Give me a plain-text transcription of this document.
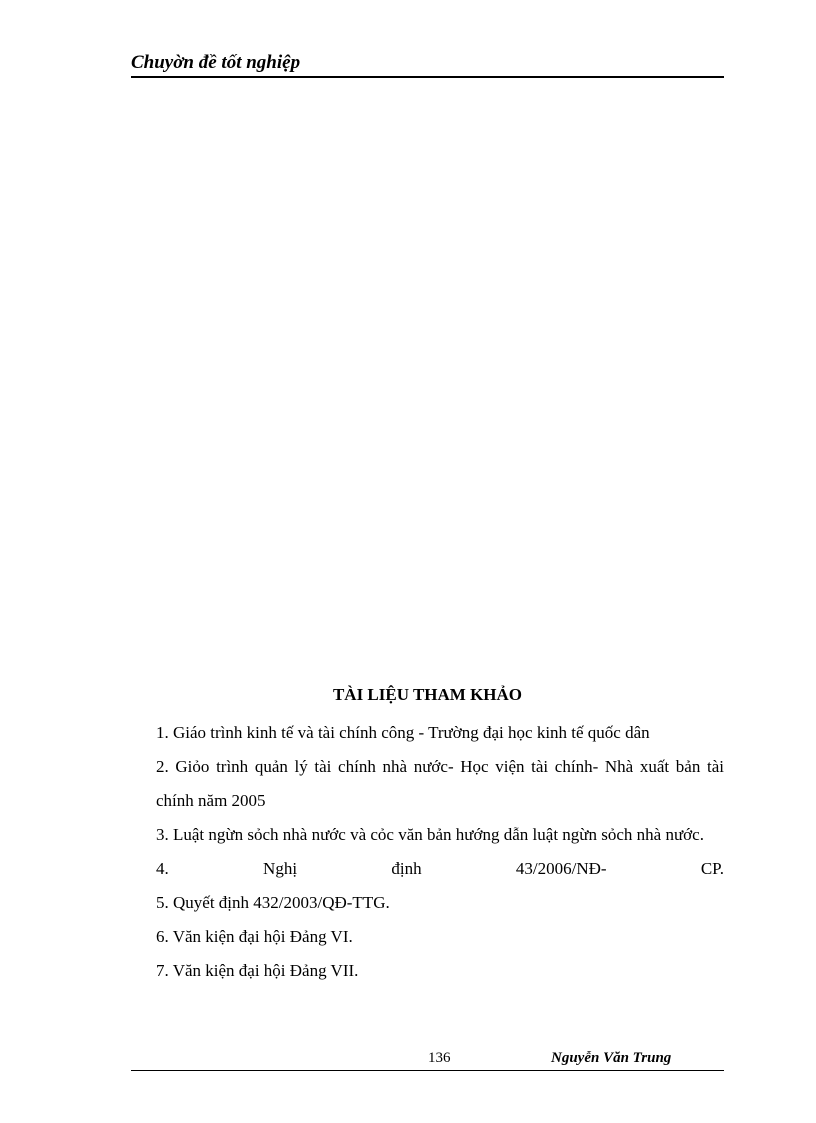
Chuyờn đề tốt nghiệp
TÀI LIỆU THAM KHẢO

1. Giáo trình kinh tế và tài chính công - Trường đại học kinh tế quốc dân

2. Giỏo trình quản lý tài chính nhà nước- Học viện tài chính- Nhà xuất bản tài chính năm 2005

3. Luật ngừn sỏch nhà nước và cỏc văn bản hướng dẫn luật ngừn sỏch nhà nước.

4. Nghị định 43/2006/NĐ- CP.

5. Quyết định 432/2003/QĐ-TTG.

6. Văn kiện đại hội Đảng VI.

7. Văn kiện đại hội Đảng VII.

136	Nguyễn Văn Trung
